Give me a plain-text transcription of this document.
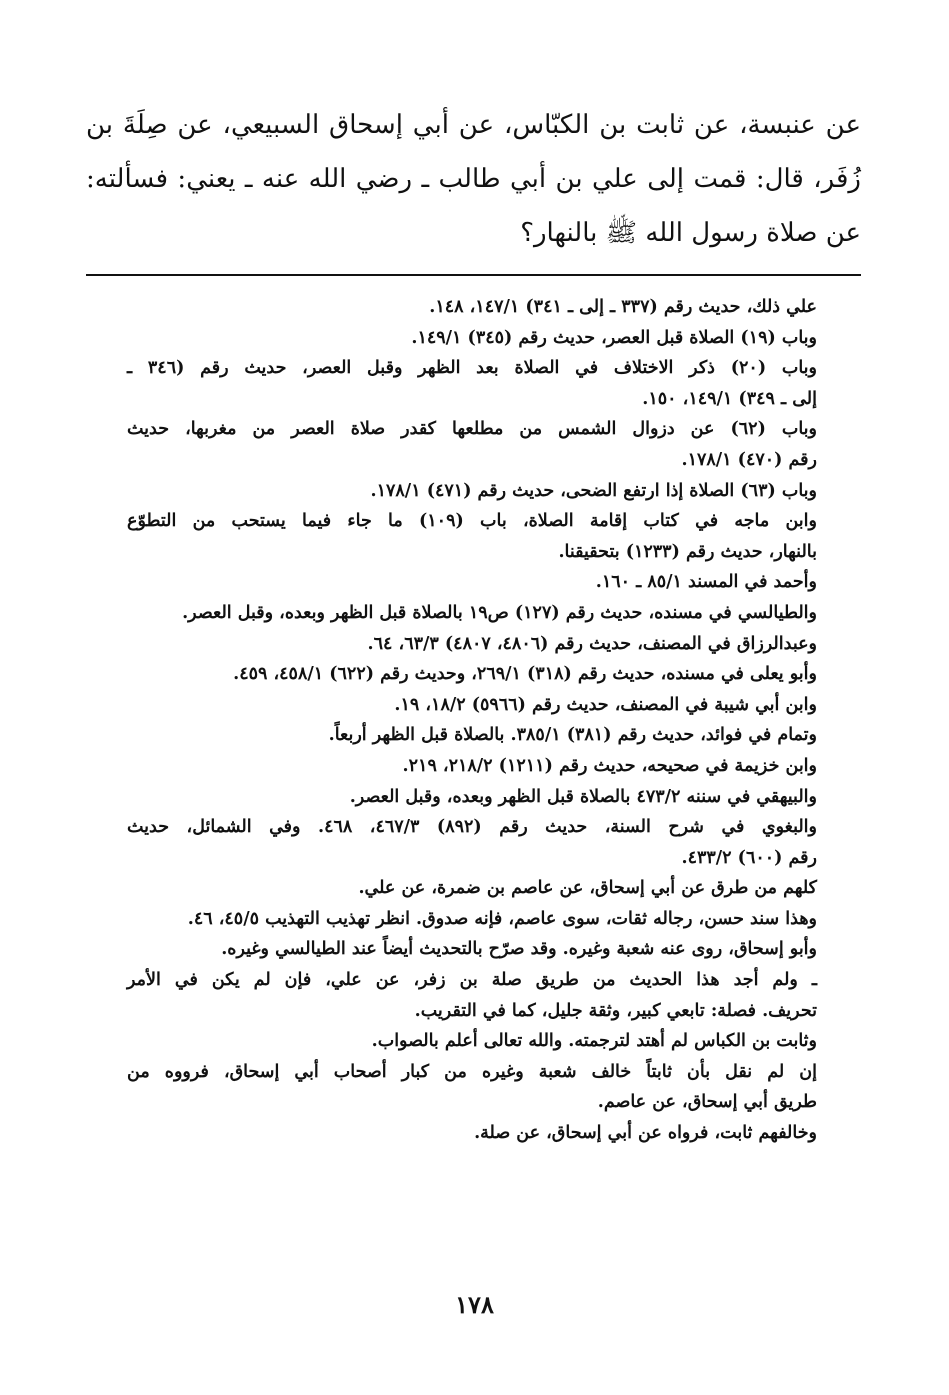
عن عنبسة، عن ثابت بن الكبّاس، عن أبي إسحاق السبيعي، عن صِلَةَ بن
زُفَر، قال: قمت إلى علي بن أبي طالب ـ رضي الله عنه ـ يعني: فسألته:
عن صلاة رسول الله ﷺ بالنهار؟
علي ذلك، حديث رقم (٣٣٧ ـ إلى ـ ٣٤١) ١٤٧/١، ١٤٨.
وباب (١٩) الصلاة قبل العصر، حديث رقم (٣٤٥) ١٤٩/١.
وباب (٢٠) ذكر الاختلاف في الصلاة بعد الظهر وقبل العصر، حديث رقم (٣٤٦ ـ
إلى ـ ٣٤٩) ١٤٩/١، ١٥٠.
وباب (٦٢) عن دزوال الشمس من مطلعها كقدر صلاة العصر من مغربها، حديث
رقم (٤٧٠) ١٧٨/١.
وباب (٦٣) الصلاة إذا ارتفع الضحى، حديث رقم (٤٧١) ١٧٨/١.
وابن ماجه في كتاب إقامة الصلاة، باب (١٠٩) ما جاء فيما يستحب من التطوّع
بالنهار، حديث رقم (١٢٣٣) بتحقيقنا.
وأحمد في المسند ٨٥/١ ـ ١٦٠.
والطيالسي في مسنده، حديث رقم (١٢٧) ص١٩ بالصلاة قبل الظهر وبعده، وقبل العصر.
وعبدالرزاق في المصنف، حديث رقم (٤٨٠٦، ٤٨٠٧) ٦٣/٣، ٦٤.
وأبو يعلى في مسنده، حديث رقم (٣١٨) ٢٦٩/١، وحديث رقم (٦٢٢) ٤٥٨/١، ٤٥٩.
وابن أبي شيبة في المصنف، حديث رقم (٥٩٦٦) ١٨/٢، ١٩.
وتمام في فوائد، حديث رقم (٣٨١) ٣٨٥/١. بالصلاة قبل الظهر أربعاً.
وابن خزيمة في صحيحه، حديث رقم (١٢١١) ٢١٨/٢، ٢١٩.
والبيهقي في سننه ٤٧٣/٢ بالصلاة قبل الظهر وبعده، وقبل العصر.
والبغوي في شرح السنة، حديث رقم (٨٩٢) ٤٦٧/٣، ٤٦٨. وفي الشمائل، حديث
رقم (٦٠٠) ٤٣٣/٢.
كلهم من طرق عن أبي إسحاق، عن عاصم بن ضمرة، عن علي.
وهذا سند حسن، رجاله ثقات، سوى عاصم، فإنه صدوق. انظر تهذيب التهذيب ٤٥/٥، ٤٦.
وأبو إسحاق، روى عنه شعبة وغيره. وقد صرّح بالتحديث أيضاً عند الطيالسي وغيره.
ـ ولم أجد هذا الحديث من طريق صلة بن زفر، عن علي، فإن لم يكن في الأمر
تحريف. فصلة: تابعي كبير، وثقة جليل، كما في التقريب.
وثابت بن الكباس لم أهتد لترجمته. والله تعالى أعلم بالصواب.
إن لم نقل بأن ثابتاً خالف شعبة وغيره من كبار أصحاب أبي إسحاق، فرووه من
طريق أبي إسحاق، عن عاصم.
وخالفهم ثابت، فرواه عن أبي إسحاق، عن صلة.
١٧٨
